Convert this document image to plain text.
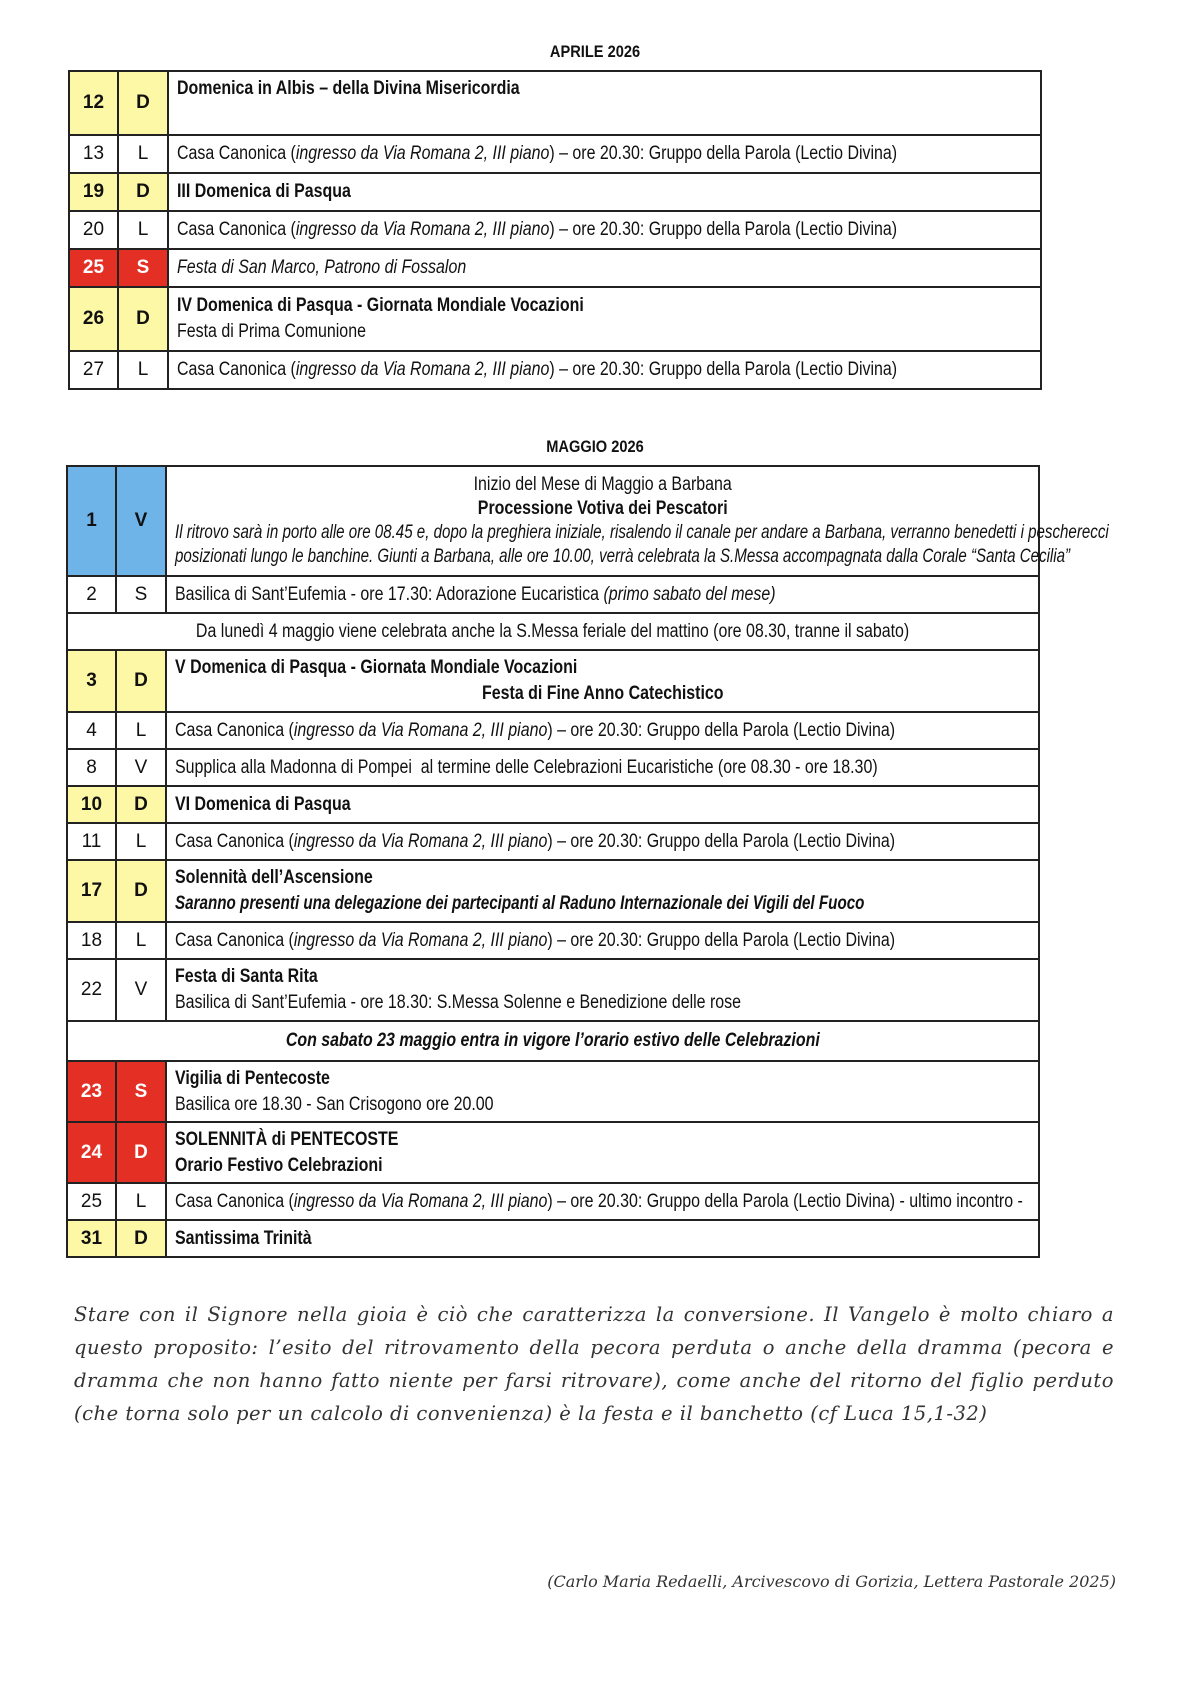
APRILE 2026
12	D	Domenica in Albis – della Divina Misericordia
13	L	Casa Canonica (ingresso da Via Romana 2, III piano) – ore 20.30: Gruppo della Parola (Lectio Divina)
19	D	III Domenica di Pasqua
20	L	Casa Canonica (ingresso da Via Romana 2, III piano) – ore 20.30: Gruppo della Parola (Lectio Divina)
25	S	Festa di San Marco, Patrono di Fossalon
26	D	IV Domenica di Pasqua - Giornata Mondiale Vocazioni
Festa di Prima Comunione

27	L	Casa Canonica (ingresso da Via Romana 2, III piano) – ore 20.30: Gruppo della Parola (Lectio Divina)
MAGGIO 2026
1	V	Inizio del Mese di Maggio a Barbana
Processione Votiva dei Pescatori
Il ritrovo sarà in porto alle ore 08.45 e, dopo la preghiera iniziale, risalendo il canale per andare a Barbana, verranno benedetti i pescherecci
posizionati lungo le banchine. Giunti a Barbana, alle ore 10.00, verrà celebrata la S.Messa accompagnata dalla Corale “Santa Cecilia”

2	S	Basilica di Sant’Eufemia - ore 17.30: Adorazione Eucaristica (primo sabato del mese)
Da lunedì 4 maggio viene celebrata anche la S.Messa feriale del mattino (ore 08.30, tranne il sabato)		
3	D	V Domenica di Pasqua - Giornata Mondiale Vocazioni
Festa di Fine Anno Catechistico

4	L	Casa Canonica (ingresso da Via Romana 2, III piano) – ore 20.30: Gruppo della Parola (Lectio Divina)
8	V	Supplica alla Madonna di Pompei  al termine delle Celebrazioni Eucaristiche (ore 08.30 - ore 18.30)
10	D	VI Domenica di Pasqua
11	L	Casa Canonica (ingresso da Via Romana 2, III piano) – ore 20.30: Gruppo della Parola (Lectio Divina)
17	D	Solennità dell’Ascensione
Saranno presenti una delegazione dei partecipanti al Raduno Internazionale dei Vigili del Fuoco

18	L	Casa Canonica (ingresso da Via Romana 2, III piano) – ore 20.30: Gruppo della Parola (Lectio Divina)
22	V	Festa di Santa Rita
Basilica di Sant’Eufemia - ore 18.30: S.Messa Solenne e Benedizione delle rose

Con sabato 23 maggio entra in vigore l’orario estivo delle Celebrazioni		
23	S	Vigilia di Pentecoste
Basilica ore 18.30 - San Crisogono ore 20.00

24	D	SOLENNITÀ di PENTECOSTE
Orario Festivo Celebrazioni

25	L	Casa Canonica (ingresso da Via Romana 2, III piano) – ore 20.30: Gruppo della Parola (Lectio Divina) - ultimo incontro -
31	D	Santissima Trinità
Stare con il Signore nella gioia è ciò che caratterizza la conversione. Il Vangelo è molto chiaro a questo proposito: l’esito del ritrovamento della pecora perduta o anche della dramma (pecora e dramma che non hanno fatto niente per farsi ritrovare), come anche del ritorno del figlio perduto (che torna solo per un calcolo di convenienza) è la festa e il banchetto (cf Luca 15,1-32)
(Carlo Maria Redaelli, Arcivescovo di Gorizia, Lettera Pastorale 2025)
